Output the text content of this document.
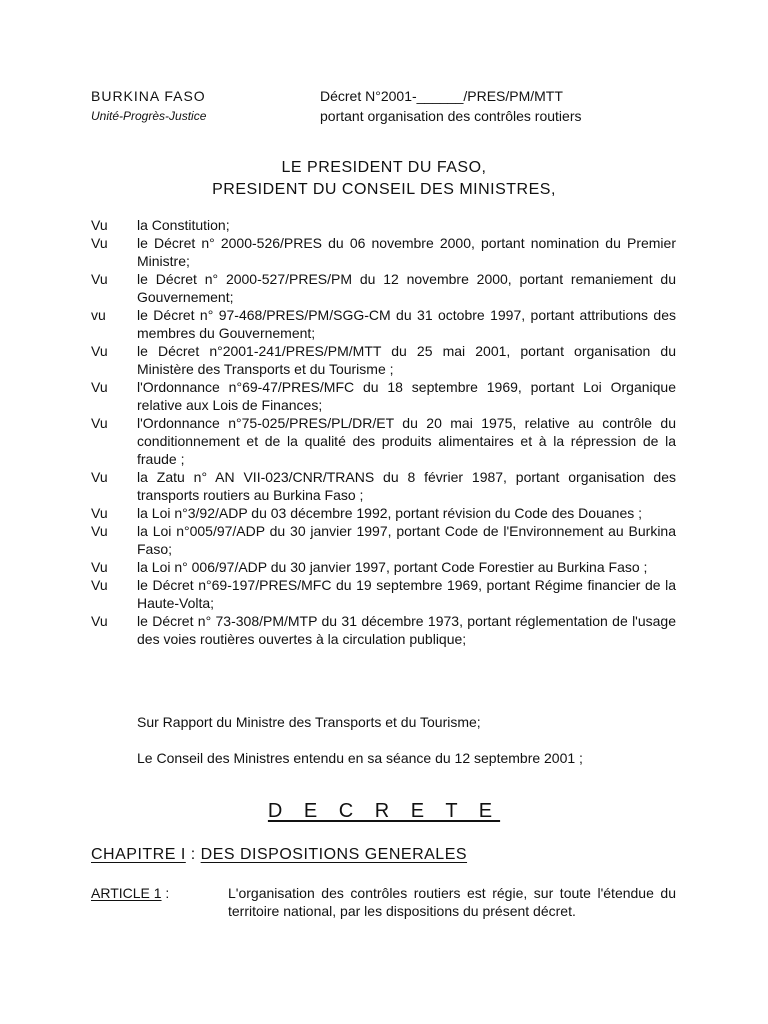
BURKINA FASO
Unité-Progrès-Justice
Décret N°2001-______/PRES/PM/MTT
portant organisation des contrôles routiers
LE PRESIDENT DU FASO,
PRESIDENT DU CONSEIL DES MINISTRES,
Vu	la Constitution;
Vu	le Décret n° 2000-526/PRES du 06 novembre 2000, portant nomination du Premier Ministre;
Vu	le Décret n° 2000-527/PRES/PM du 12 novembre 2000, portant remaniement du Gouvernement;
vu	le Décret n° 97-468/PRES/PM/SGG-CM du 31 octobre 1997, portant attributions des membres du Gouvernement;
Vu	le Décret n°2001-241/PRES/PM/MTT du 25 mai 2001, portant organisation du Ministère des Transports et du Tourisme ;
Vu	l'Ordonnance n°69-47/PRES/MFC du 18 septembre 1969, portant Loi Organique relative aux Lois de Finances;
Vu	l'Ordonnance n°75-025/PRES/PL/DR/ET du 20 mai 1975, relative au contrôle du conditionnement et de la qualité des produits alimentaires et à la répression de la fraude ;
Vu	la Zatu n° AN VII-023/CNR/TRANS du 8 février 1987, portant organisation des transports routiers au Burkina Faso ;
Vu	la Loi n°3/92/ADP du 03 décembre 1992, portant révision du Code des Douanes ;
Vu	la Loi n°005/97/ADP du 30 janvier 1997, portant Code de l'Environnement au Burkina Faso;
Vu	la Loi n° 006/97/ADP du 30 janvier 1997, portant Code Forestier au Burkina Faso ;
Vu	le Décret n°69-197/PRES/MFC du 19 septembre 1969, portant Régime financier de la Haute-Volta;
Vu	le Décret n° 73-308/PM/MTP du 31 décembre 1973, portant réglementation de l'usage des voies routières ouvertes à la circulation publique;
Sur Rapport du Ministre des Transports et du Tourisme;
Le Conseil des Ministres entendu en sa séance du 12 septembre 2001 ;
D E C R E T E
CHAPITRE I : DES DISPOSITIONS GENERALES
ARTICLE 1 :	L'organisation des contrôles routiers est régie, sur toute l'étendue du territoire national, par les dispositions du présent décret.
